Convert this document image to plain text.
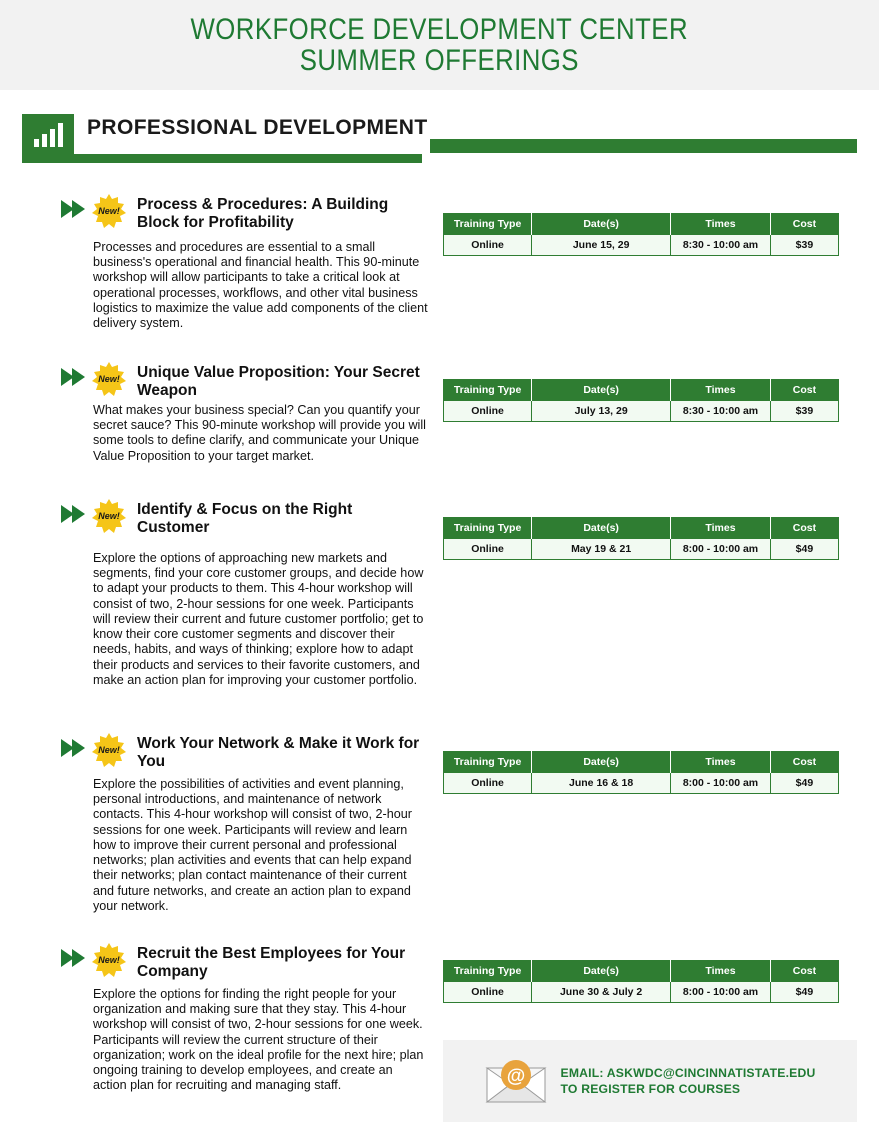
WORKFORCE DEVELOPMENT CENTER
SUMMER OFFERINGS
PROFESSIONAL DEVELOPMENT
New!	Process & Procedures: A Building Block for Profitability
Processes and procedures are essential to a small business's operational and financial health. This 90-minute workshop will allow participants to take a critical look at operational processes, workflows, and other vital business logistics to maximize the value add components of the client delivery system.
Training Type	Date(s)	Times	Cost
Online	June 15, 29	8:30 - 10:00 am	$39
New!	Unique Value Proposition: Your Secret Weapon
What makes your business special? Can you quantify your secret sauce? This 90-minute workshop will provide you will some tools to define clarify, and communicate your Unique Value Proposition to your target market.
Training Type	Date(s)	Times	Cost
Online	July 13, 29	8:30 - 10:00 am	$39
New!	Identify & Focus on the Right Customer
Explore the options of approaching new markets and segments, find your core customer groups, and decide how to adapt your products to them. This 4-hour workshop will consist of two, 2-hour sessions for one week. Participants will review their current and future customer portfolio; get to know their core customer segments and discover their needs, habits, and ways of thinking; explore how to adapt their products and services to their favorite customers, and make an action plan for improving your customer portfolio.
Training Type	Date(s)	Times	Cost
Online	May 19 & 21	8:00 - 10:00 am	$49
New!	Work Your Network & Make it Work for You
Explore the possibilities of activities and event planning, personal introductions, and maintenance of network contacts. This 4-hour workshop will consist of two, 2-hour sessions for one week. Participants will review and learn how to improve their current personal and professional networks; plan activities and events that can help expand their networks; plan contact maintenance of their current and future networks, and create an action plan to expand your network.
Training Type	Date(s)	Times	Cost
Online	June 16 & 18	8:00 - 10:00 am	$49
New!	Recruit the Best Employees for Your Company
Explore the options for finding the right people for your organization and making sure that they stay. This 4-hour workshop will consist of two, 2-hour sessions for one week. Participants will review the current structure of their organization; work on the ideal profile for the next hire; plan ongoing training to develop employees, and create an action plan for recruiting and managing staff.
Training Type	Date(s)	Times	Cost
Online	June 30 & July 2	8:00 - 10:00 am	$49
@	EMAIL: ASKWDC@CINCINNATISTATE.EDU
TO REGISTER FOR COURSES
